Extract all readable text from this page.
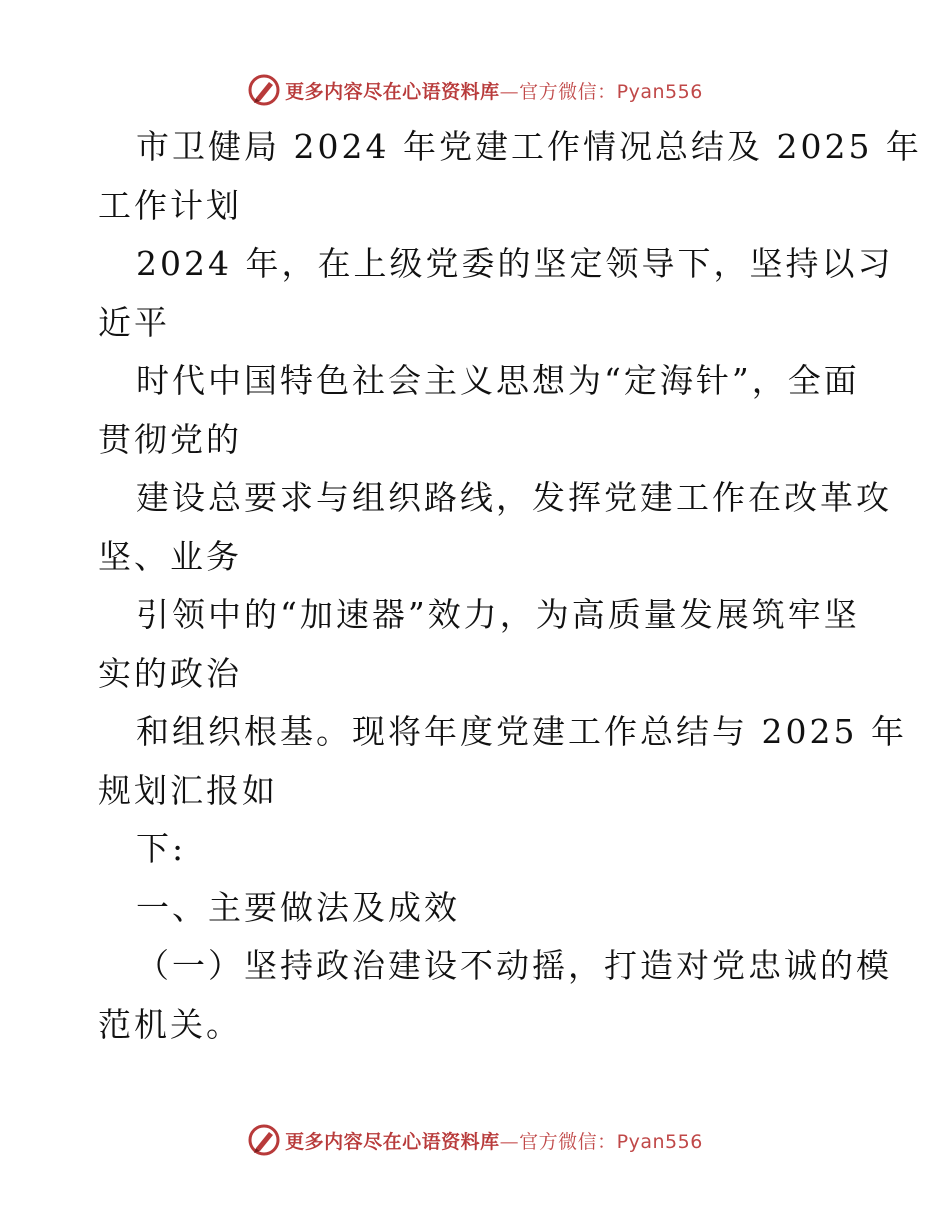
更多内容尽在心语资料库—官方微信：Pyan556
市卫健局 2024 年党建工作情况总结及 2025 年
工作计划
2024 年，在上级党委的坚定领导下，坚持以习
近平
时代中国特色社会主义思想为“定海针”，全面
贯彻党的
建设总要求与组织路线，发挥党建工作在改革攻
坚、业务
引领中的“加速器”效力，为高质量发展筑牢坚
实的政治
和组织根基。现将年度党建工作总结与 2025 年
规划汇报如
下:
一、主要做法及成效
（一）坚持政治建设不动摇，打造对党忠诚的模
范机关。
更多内容尽在心语资料库—官方微信：Pyan556
